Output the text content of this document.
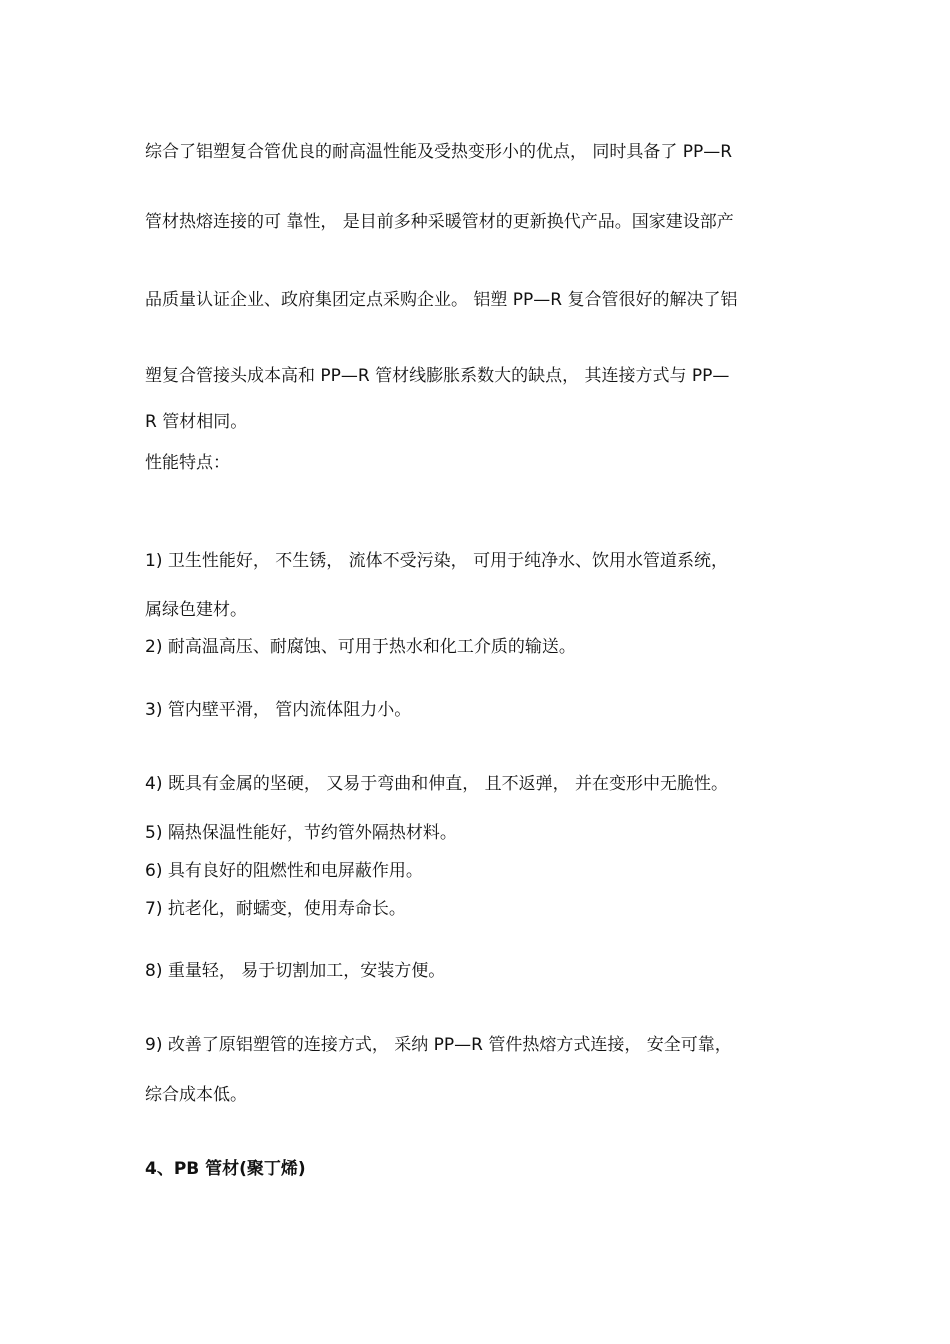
综合了铝塑复合管优良的耐高温性能及受热变形小的优点， 同时具备了 PP—R
管材热熔连接的可 靠性， 是目前多种采暖管材的更新换代产品。国家建设部产
品质量认证企业、政府集团定点采购企业。 铝塑 PP—R 复合管很好的解决了铝
塑复合管接头成本高和 PP—R 管材线膨胀系数大的缺点， 其连接方式与 PP—
R 管材相同。
性能特点：
1) 卫生性能好， 不生锈， 流体不受污染， 可用于纯净水、饮用水管道系统，
属绿色建材。
2) 耐高温高压、耐腐蚀、可用于热水和化工介质的输送。
3) 管内壁平滑， 管内流体阻力小。
4) 既具有金属的坚硬， 又易于弯曲和伸直， 且不返弹， 并在变形中无脆性。
5) 隔热保温性能好，节约管外隔热材料。
6) 具有良好的阻燃性和电屏蔽作用。
7) 抗老化，耐蠕变，使用寿命长。
8) 重量轻， 易于切割加工，安装方便。
9) 改善了原铝塑管的连接方式， 采纳 PP—R 管件热熔方式连接， 安全可靠，
综合成本低。
4、PB 管材(聚丁烯)
